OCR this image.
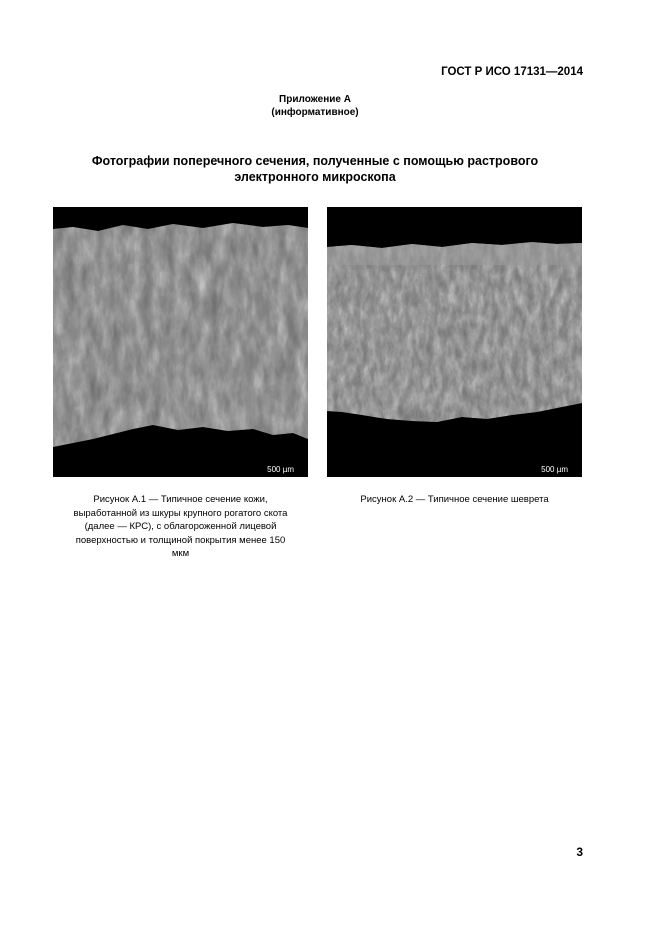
ГОСТ Р ИСО 17131—2014
Приложение А
(информативное)
Фотографии поперечного сечения, полученные с помощью растрового
электронного микроскопа
500 µm	500 µm
Рисунок А.1 — Типичное сечение кожи,
выработанной из шкуры крупного рогатого скота
(далее — КРС), с облагороженной лицевой
поверхностью и толщиной покрытия менее 150
мкм
Рисунок А.2 — Типичное сечение шеврета
3
